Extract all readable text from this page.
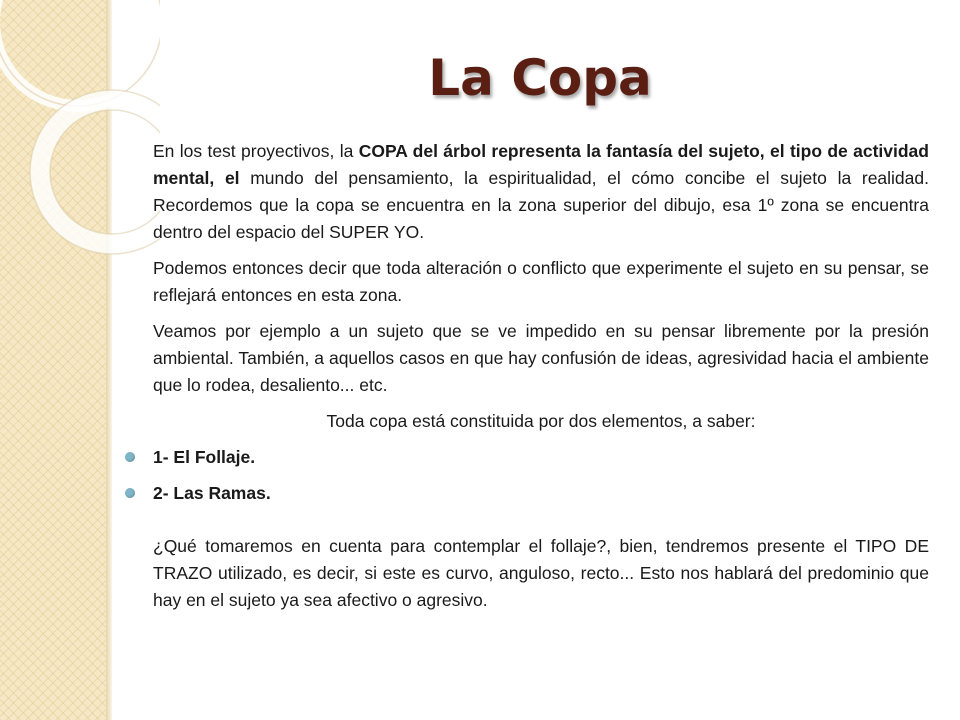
La Copa

En los test proyectivos, la COPA del árbol representa la fantasía del sujeto, el tipo de actividad mental, el mundo del pensamiento, la espiritualidad, el cómo concibe el sujeto la realidad. Recordemos que la copa se encuentra en la zona superior del dibujo, esa 1º zona se encuentra dentro del espacio del SUPER YO.

Podemos entonces decir que toda alteración o conflicto que experimente el sujeto en su pensar, se reflejará entonces en esta zona.

Veamos por ejemplo a un sujeto que se ve impedido en su pensar libremente por la presión ambiental. También, a aquellos casos en que hay confusión de ideas, agresividad hacia el ambiente que lo rodea, desaliento... etc.

Toda copa está constituida por dos elementos, a saber:

1- El Follaje.
2- Las Ramas.

¿Qué tomaremos en cuenta para contemplar el follaje?, bien, tendremos presente el TIPO DE TRAZO utilizado, es decir, si este es curvo, anguloso, recto... Esto nos hablará del predominio que hay en el sujeto ya sea afectivo o agresivo.
